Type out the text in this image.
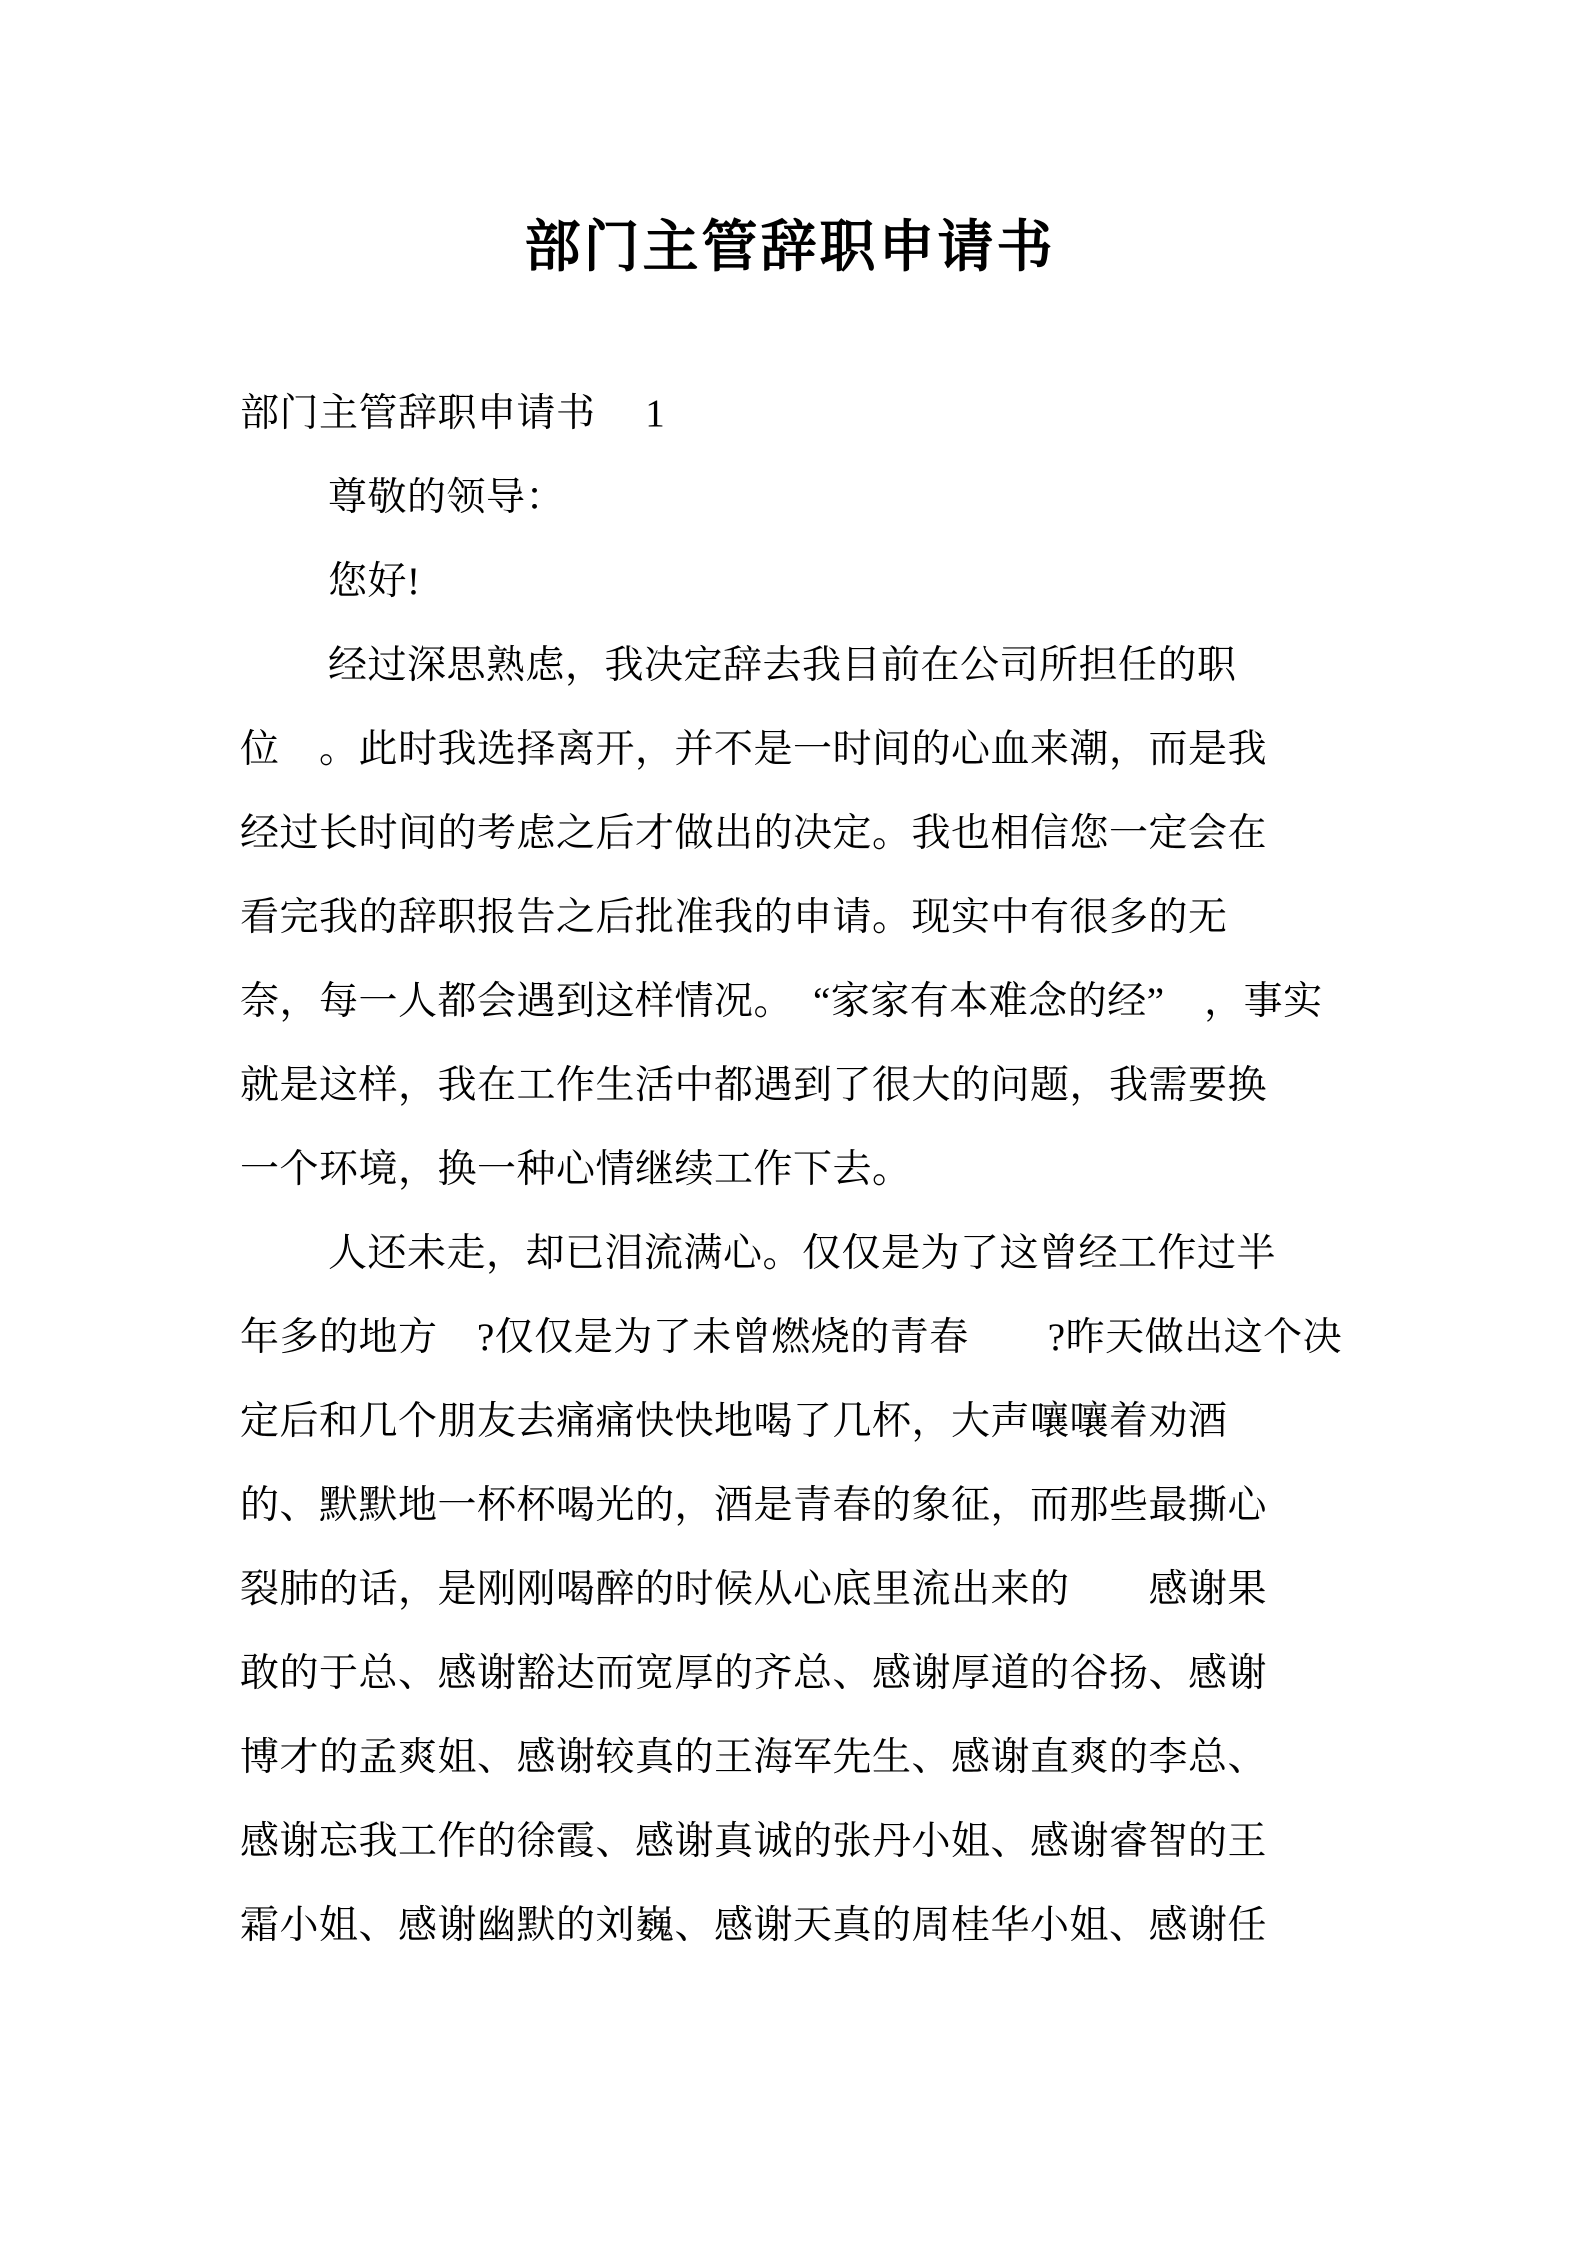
部门主管辞职申请书
部门主管辞职申请书　 1
尊敬的领导：
您好!
经过深思熟虑，我决定辞去我目前在公司所担任的职
位　。此时我选择离开，并不是一时间的心血来潮，而是我
经过长时间的考虑之后才做出的决定。我也相信您一定会在
看完我的辞职报告之后批准我的申请。现实中有很多的无
奈，每一人都会遇到这样情况。　“家家有本难念的经”　，事实
就是这样，我在工作生活中都遇到了很大的问题，我需要换
一个环境，换一种心情继续工作下去。
人还未走，却已泪流满心。仅仅是为了这曾经工作过半
年多的地方　?仅仅是为了未曾燃烧的青春　　?昨天做出这个决
定后和几个朋友去痛痛快快地喝了几杯，大声嚷嚷着劝酒
的、默默地一杯杯喝光的，酒是青春的象征，而那些最撕心
裂肺的话，是刚刚喝醉的时候从心底里流出来的　　感谢果
敢的于总、感谢豁达而宽厚的齐总、感谢厚道的谷扬、感谢
博才的孟爽姐、感谢较真的王海军先生、感谢直爽的李总、
感谢忘我工作的徐霞、感谢真诚的张丹小姐、感谢睿智的王
霜小姐、感谢幽默的刘巍、感谢天真的周桂华小姐、感谢任
